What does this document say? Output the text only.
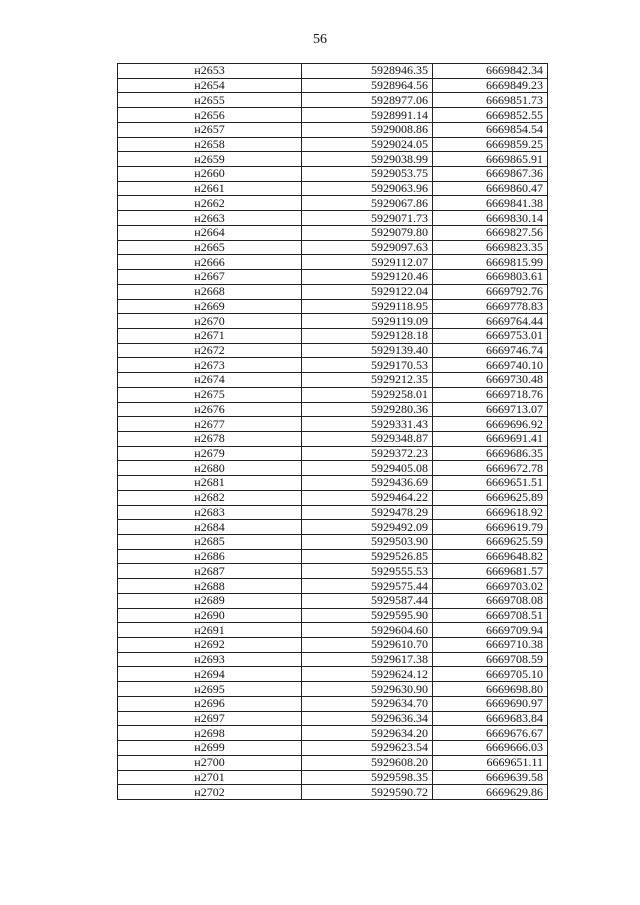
56
н2653	5928946.35	6669842.34
н2654	5928964.56	6669849.23
н2655	5928977.06	6669851.73
н2656	5928991.14	6669852.55
н2657	5929008.86	6669854.54
н2658	5929024.05	6669859.25
н2659	5929038.99	6669865.91
н2660	5929053.75	6669867.36
н2661	5929063.96	6669860.47
н2662	5929067.86	6669841.38
н2663	5929071.73	6669830.14
н2664	5929079.80	6669827.56
н2665	5929097.63	6669823.35
н2666	5929112.07	6669815.99
н2667	5929120.46	6669803.61
н2668	5929122.04	6669792.76
н2669	5929118.95	6669778.83
н2670	5929119.09	6669764.44
н2671	5929128.18	6669753.01
н2672	5929139.40	6669746.74
н2673	5929170.53	6669740.10
н2674	5929212.35	6669730.48
н2675	5929258.01	6669718.76
н2676	5929280.36	6669713.07
н2677	5929331.43	6669696.92
н2678	5929348.87	6669691.41
н2679	5929372.23	6669686.35
н2680	5929405.08	6669672.78
н2681	5929436.69	6669651.51
н2682	5929464.22	6669625.89
н2683	5929478.29	6669618.92
н2684	5929492.09	6669619.79
н2685	5929503.90	6669625.59
н2686	5929526.85	6669648.82
н2687	5929555.53	6669681.57
н2688	5929575.44	6669703.02
н2689	5929587.44	6669708.08
н2690	5929595.90	6669708.51
н2691	5929604.60	6669709.94
н2692	5929610.70	6669710.38
н2693	5929617.38	6669708.59
н2694	5929624.12	6669705.10
н2695	5929630.90	6669698.80
н2696	5929634.70	6669690.97
н2697	5929636.34	6669683.84
н2698	5929634.20	6669676.67
н2699	5929623.54	6669666.03
н2700	5929608.20	6669651.11
н2701	5929598.35	6669639.58
н2702	5929590.72	6669629.86
